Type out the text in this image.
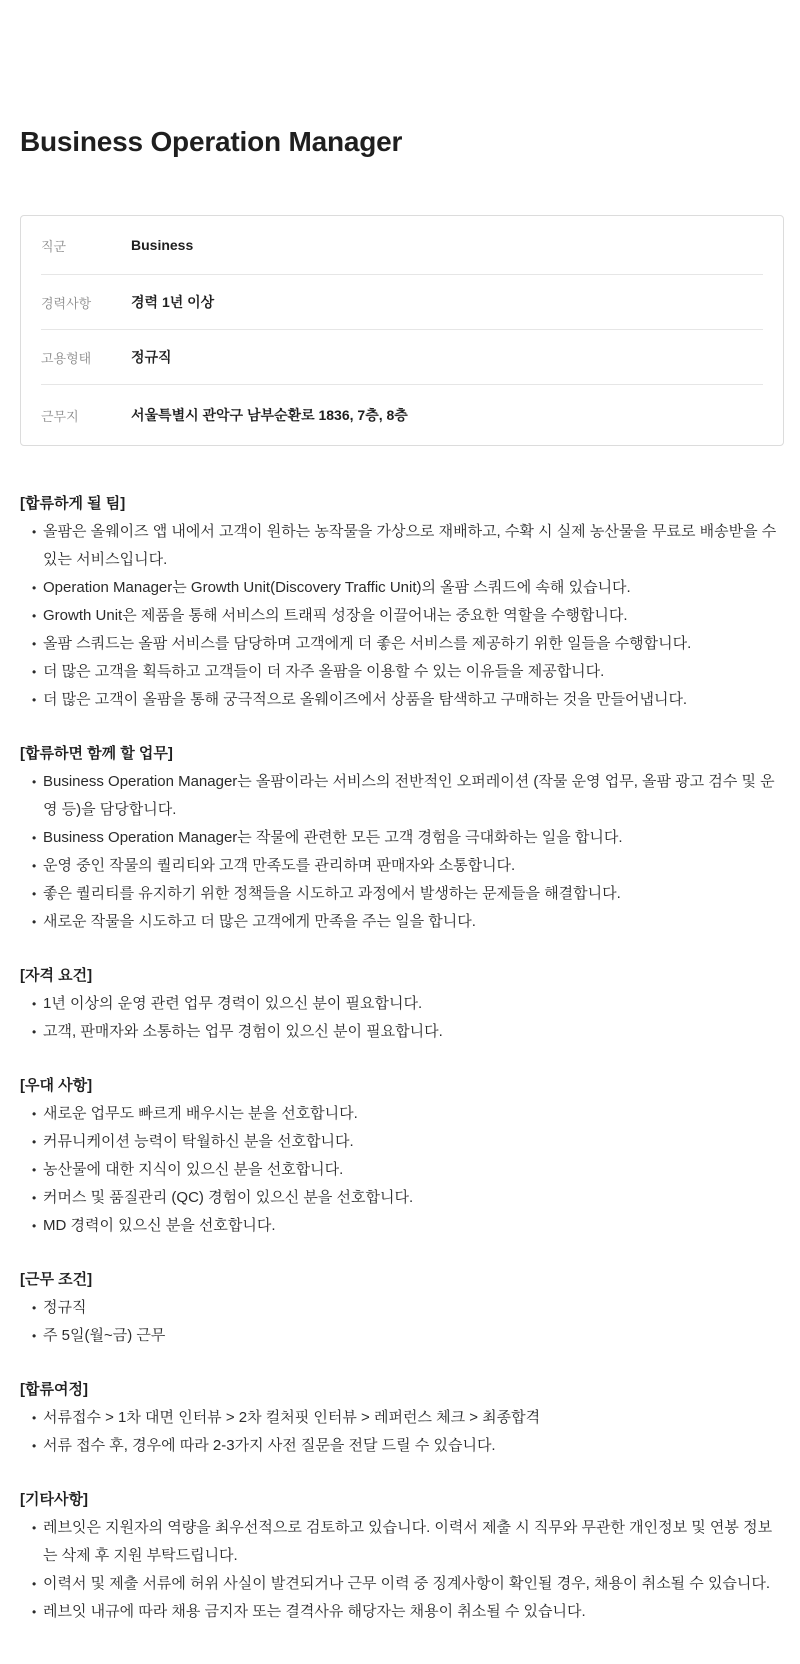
Business Operation Manager
직군	Business
경력사항	경력 1년 이상
고용형태	정규직
근무지	서울특별시 관악구 남부순환로 1836, 7층, 8층
[합류하게 될 팀]
• 올팜은 올웨이즈 앱 내에서 고객이 원하는 농작물을 가상으로 재배하고, 수확 시 실제 농산물을 무료로 배송받을 수 있는 서비스입니다.
• Operation Manager는 Growth Unit(Discovery Traffic Unit)의 올팜 스쿼드에 속해 있습니다.
• Growth Unit은 제품을 통해 서비스의 트래픽 성장을 이끌어내는 중요한 역할을 수행합니다.
• 올팜 스쿼드는 올팜 서비스를 담당하며 고객에게 더 좋은 서비스를 제공하기 위한 일들을 수행합니다.
• 더 많은 고객을 획득하고 고객들이 더 자주 올팜을 이용할 수 있는 이유들을 제공합니다.
• 더 많은 고객이 올팜을 통해 궁극적으로 올웨이즈에서 상품을 탐색하고 구매하는 것을 만들어냅니다.
[합류하면 함께 할 업무]
• Business Operation Manager는 올팜이라는 서비스의 전반적인 오퍼레이션 (작물 운영 업무, 올팜 광고 검수 및 운영 등)을 담당합니다.
• Business Operation Manager는 작물에 관련한 모든 고객 경험을 극대화하는 일을 합니다.
• 운영 중인 작물의 퀄리티와 고객 만족도를 관리하며 판매자와 소통합니다.
• 좋은 퀄리티를 유지하기 위한 정책들을 시도하고 과정에서 발생하는 문제들을 해결합니다.
• 새로운 작물을 시도하고 더 많은 고객에게 만족을 주는 일을 합니다.
[자격 요건]
• 1년 이상의 운영 관련 업무 경력이 있으신 분이 필요합니다.
• 고객, 판매자와 소통하는 업무 경험이 있으신 분이 필요합니다.
[우대 사항]
• 새로운 업무도 빠르게 배우시는 분을 선호합니다.
• 커뮤니케이션 능력이 탁월하신 분을 선호합니다.
• 농산물에 대한 지식이 있으신 분을 선호합니다.
• 커머스 및 품질관리 (QC) 경험이 있으신 분을 선호합니다.
• MD 경력이 있으신 분을 선호합니다.
[근무 조건]
• 정규직
• 주 5일(월~금) 근무
[합류여정]
• 서류접수 > 1차 대면 인터뷰 > 2차 컬처핏 인터뷰 > 레퍼런스 체크 > 최종합격
• 서류 접수 후, 경우에 따라 2-3가지 사전 질문을 전달 드릴 수 있습니다.
[기타사항]
• 레브잇은 지원자의 역량을 최우선적으로 검토하고 있습니다. 이력서 제출 시 직무와 무관한 개인정보 및 연봉 정보는 삭제 후 지원 부탁드립니다.
• 이력서 및 제출 서류에 허위 사실이 발견되거나 근무 이력 중 징계사항이 확인될 경우, 채용이 취소될 수 있습니다.
• 레브잇 내규에 따라 채용 금지자 또는 결격사유 해당자는 채용이 취소될 수 있습니다.
